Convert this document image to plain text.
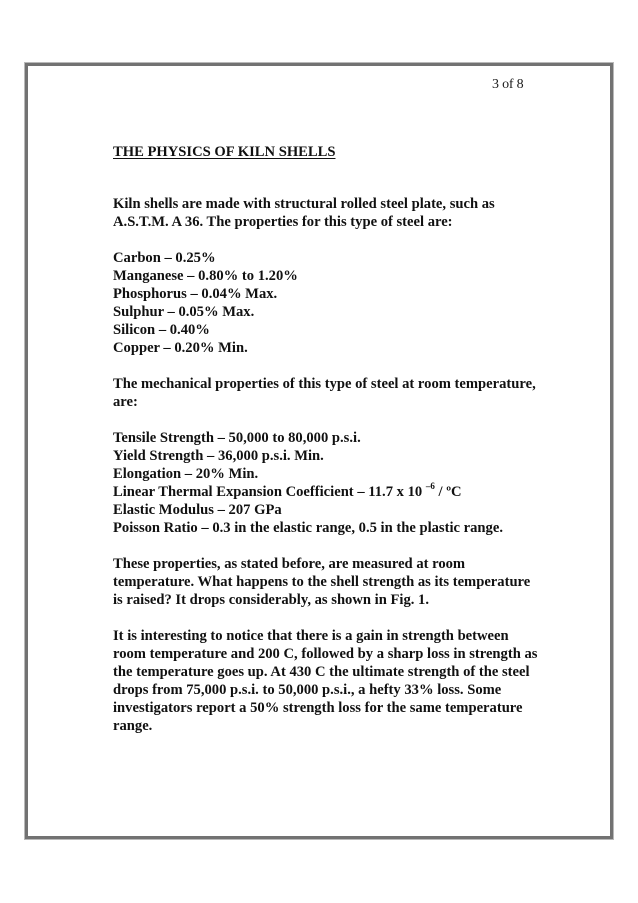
3 of 8
THE PHYSICS OF KILN SHELLS
Kiln shells are made with structural rolled steel plate, such as
A.S.T.M. A 36. The properties for this type of steel are:
Carbon – 0.25%
Manganese – 0.80% to 1.20%
Phosphorus – 0.04% Max.
Sulphur – 0.05% Max.
Silicon – 0.40%
Copper – 0.20% Min.
The mechanical properties of this type of steel at room temperature,
are:
Tensile Strength – 50,000 to 80,000 p.s.i.
Yield Strength – 36,000 p.s.i. Min.
Elongation – 20% Min.
Linear Thermal Expansion Coefficient – 11.7 x 10 $^{-6}$ / ºC
Elastic Modulus – 207 GPa
Poisson Ratio – 0.3 in the elastic range, 0.5 in the plastic range.
These properties, as stated before, are measured at room
temperature. What happens to the shell strength as its temperature
is raised? It drops considerably, as shown in Fig. 1.
It is interesting to notice that there is a gain in strength between
room temperature and 200 C, followed by a sharp loss in strength as
the temperature goes up. At 430 C the ultimate strength of the steel
drops from 75,000 p.s.i. to 50,000 p.s.i., a hefty 33% loss. Some
investigators report a 50% strength loss for the same temperature
range.
